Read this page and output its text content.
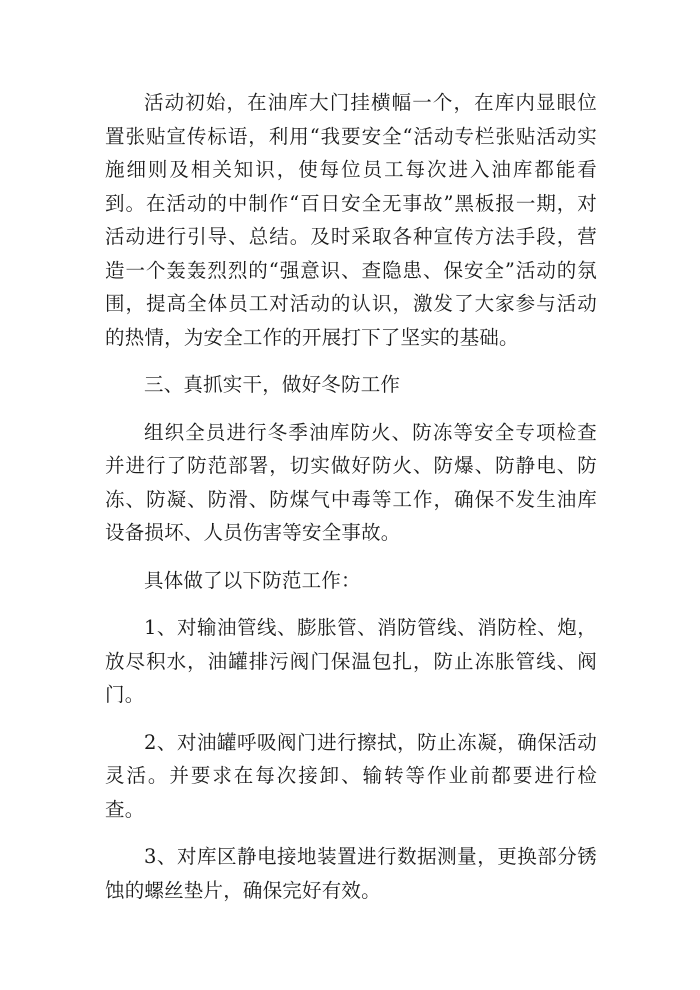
活动初始，在油库大门挂横幅一个，在库内显眼位置张贴宣传标语，利用“我要安全“活动专栏张贴活动实施细则及相关知识，使每位员工每次进入油库都能看到。在活动的中制作“百日安全无事故”黑板报一期，对活动进行引导、总结。及时采取各种宣传方法手段，营造一个轰轰烈烈的“强意识、查隐患、保安全”活动的氛围，提高全体员工对活动的认识，激发了大家参与活动的热情，为安全工作的开展打下了坚实的基础。

三、真抓实干，做好冬防工作

组织全员进行冬季油库防火、防冻等安全专项检查并进行了防范部署，切实做好防火、防爆、防静电、防冻、防凝、防滑、防煤气中毒等工作，确保不发生油库设备损坏、人员伤害等安全事故。

具体做了以下防范工作：

1、对输油管线、膨胀管、消防管线、消防栓、炮，放尽积水，油罐排污阀门保温包扎，防止冻胀管线、阀门。

2、对油罐呼吸阀门进行擦拭，防止冻凝，确保活动灵活。并要求在每次接卸、输转等作业前都要进行检查。

3、对库区静电接地装置进行数据测量，更换部分锈蚀的螺丝垫片，确保完好有效。
